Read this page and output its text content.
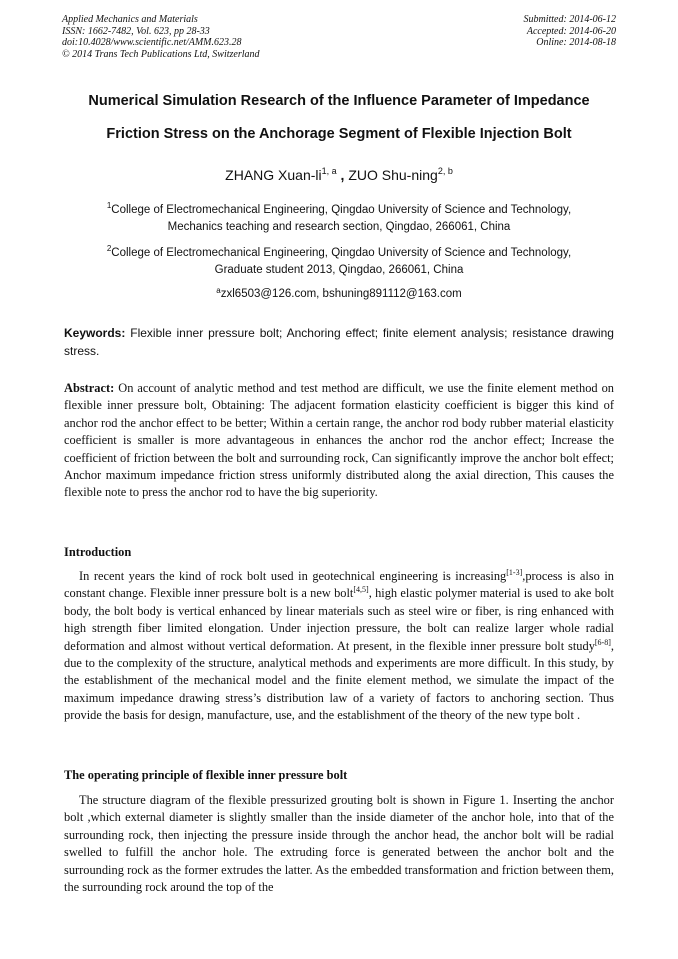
Applied Mechanics and Materials
ISSN: 1662-7482, Vol. 623, pp 28-33
doi:10.4028/www.scientific.net/AMM.623.28
© 2014 Trans Tech Publications Ltd, Switzerland
Submitted: 2014-06-12
Accepted: 2014-06-20
Online: 2014-08-18
Numerical Simulation Research of the Influence Parameter of Impedance
Friction Stress on the Anchorage Segment of Flexible Injection Bolt
ZHANG Xuan-li$^{1, a}$ , ZUO Shu-ning$^{2, b}$
$^1$College of Electromechanical Engineering, Qingdao University of Science and Technology,
Mechanics teaching and research section, Qingdao, 266061, China
$^2$College of Electromechanical Engineering, Qingdao University of Science and Technology,
Graduate student 2013, Qingdao, 266061, China
$^a$zxl6503@126.com, bshuning891112@163.com
Keywords: Flexible inner pressure bolt; Anchoring effect; finite element analysis; resistance drawing stress.
Abstract: On account of analytic method and test method are difficult, we use the finite element method on flexible inner pressure bolt, Obtaining: The adjacent formation elasticity coefficient is bigger this kind of anchor rod the anchor effect to be better; Within a certain range, the anchor rod body rubber material elasticity coefficient is smaller is more advantageous in enhances the anchor rod the anchor effect; Increase the coefficient of friction between the bolt and surrounding rock, Can significantly improve the anchor bolt effect; Anchor maximum impedance friction stress uniformly distributed along the axial direction, This causes the flexible note to press the anchor rod to have the big superiority.
Introduction
In recent years the kind of rock bolt used in geotechnical engineering is increasing[1-3],process is also in constant change. Flexible inner pressure bolt is a new bolt[4,5], high elastic polymer material is used to ake bolt body, the bolt body is vertical enhanced by linear materials such as steel wire or fiber, is ring enhanced with high strength fiber limited elongation. Under injection pressure, the bolt can realize larger whole radial deformation and almost without vertical deformation. At present, in the flexible inner pressure bolt study[6-8], due to the complexity of the structure, analytical methods and experiments are more difficult. In this study, by the establishment of the mechanical model and the finite element method, we simulate the impact of the maximum impedance drawing stress’s distribution law of a variety of factors to anchoring section. Thus provide the basis for design, manufacture, use, and the establishment of the theory of the new type bolt .
The operating principle of flexible inner pressure bolt
The structure diagram of the flexible pressurized grouting bolt is shown in Figure 1. Inserting the anchor bolt ,which external diameter is slightly smaller than the inside diameter of the anchor hole, into that of the surrounding rock, then injecting the pressure inside through the anchor head, the anchor bolt will be radial swelled to fulfill the anchor hole. The extruding force is generated between the anchor bolt and the surrounding rock as the former extrudes the latter. As the embedded transformation and friction between them, the surrounding rock around the top of the
